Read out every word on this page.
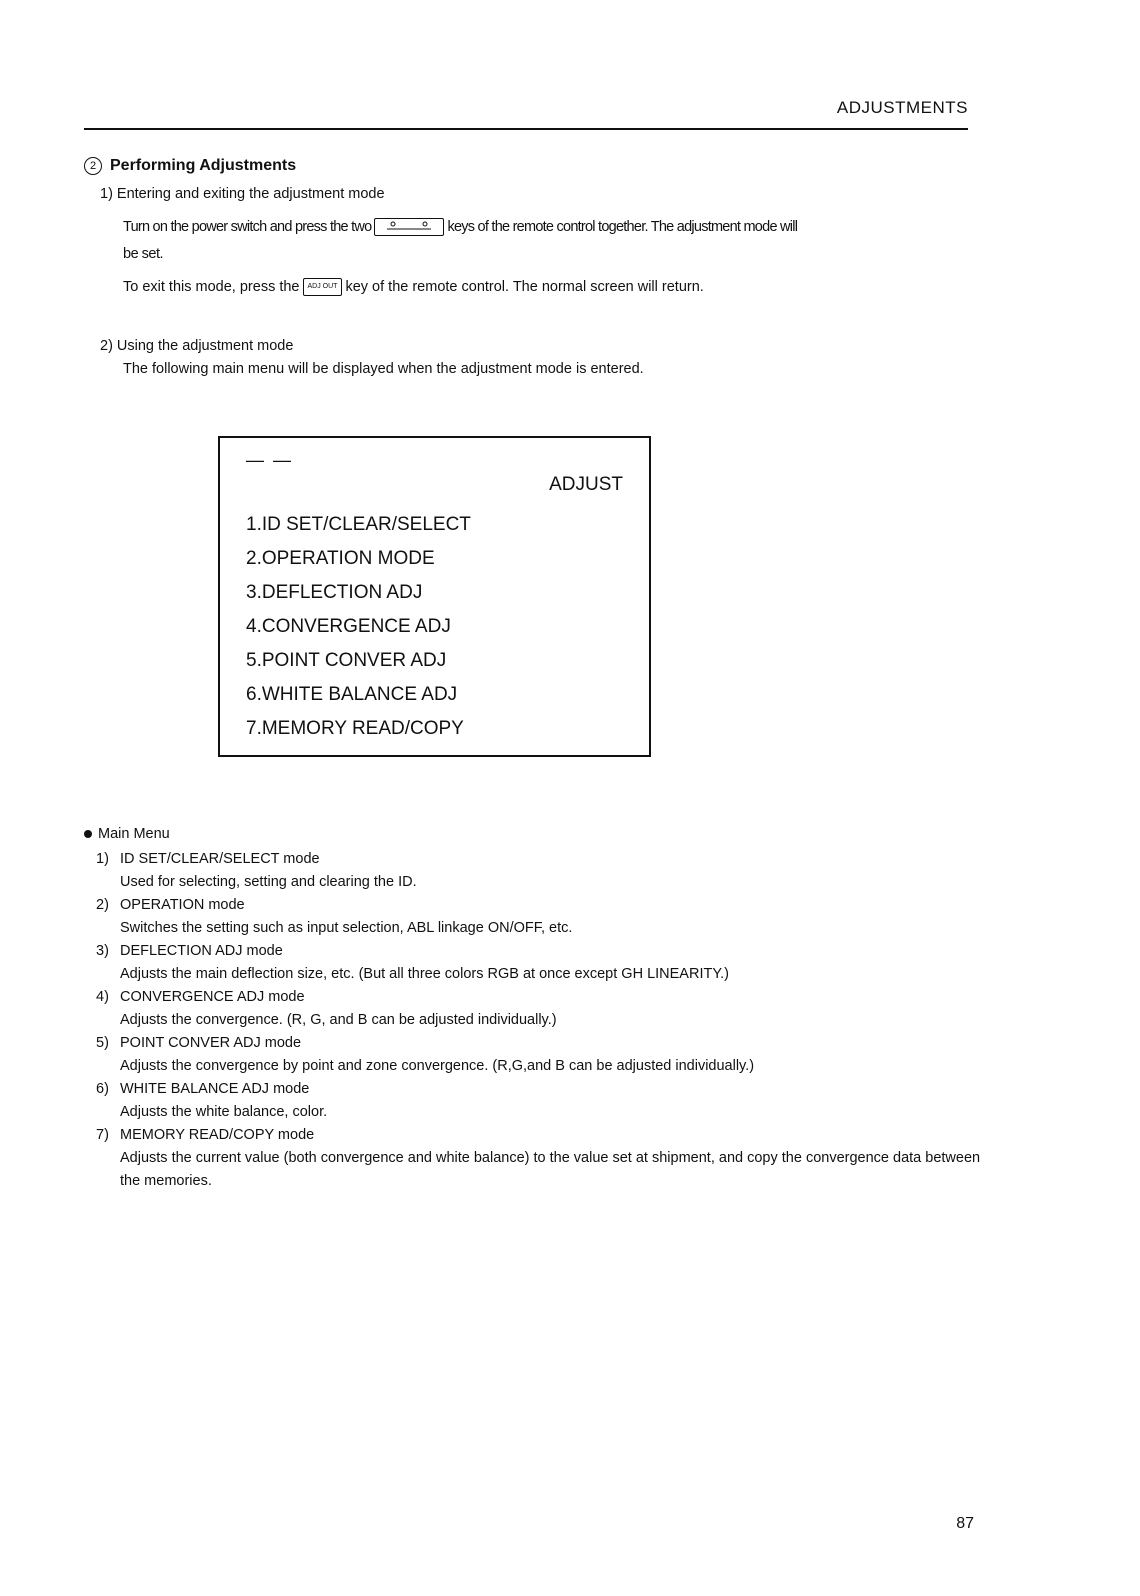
ADJUSTMENTS
2 Performing Adjustments
1) Entering and exiting the adjustment mode
Turn on the power switch and press the two	keys of the remote control together. The adjustment mode will
be set.
To exit this mode, press the ADJ OUT key of the remote control. The normal screen will return.
2) Using the adjustment mode
The following main menu will be displayed when the adjustment mode is entered.
— —
ADJUST
1.ID SET/CLEAR/SELECT
2.OPERATION MODE
3.DEFLECTION ADJ
4.CONVERGENCE ADJ
5.POINT CONVER ADJ
6.WHITE BALANCE ADJ
7.MEMORY READ/COPY
Main Menu
1) ID SET/CLEAR/SELECT mode
Used for selecting, setting and clearing the ID.
2) OPERATION mode
Switches the setting such as input selection, ABL linkage ON/OFF, etc.
3) DEFLECTION ADJ mode
Adjusts the main deflection size, etc. (But all three colors RGB at once except GH LINEARITY.)
4) CONVERGENCE ADJ mode
Adjusts the convergence. (R, G, and B can be adjusted individually.)
5) POINT CONVER ADJ mode
Adjusts the convergence by point and zone convergence. (R,G,and B can be adjusted individually.)
6) WHITE BALANCE ADJ mode
Adjusts the white balance, color.
7) MEMORY READ/COPY mode
Adjusts the current value (both convergence and white balance) to the value set at shipment, and copy the convergence data between the memories.
87
